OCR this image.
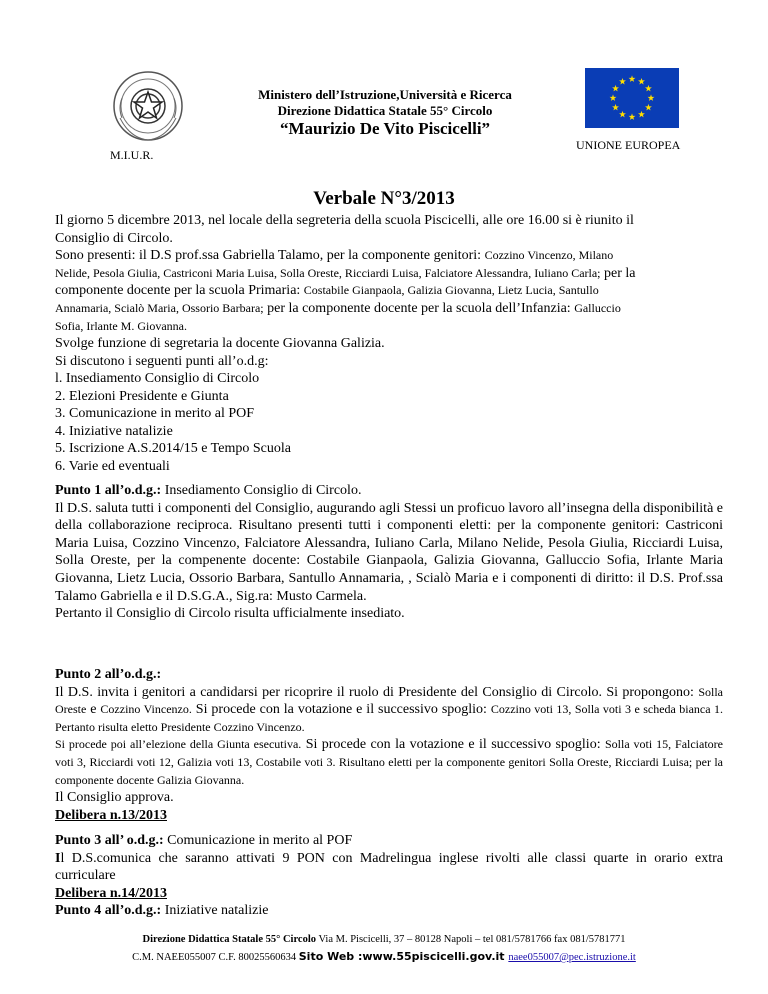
M.I.U.R.
UNIONE EUROPEA
Ministero dell’Istruzione,Università e Ricerca
Direzione Didattica Statale 55° Circolo
“Maurizio De Vito Piscicelli”
Verbale N°3/2013
Il giorno 5 dicembre 2013, nel locale della segreteria della scuola Piscicelli, alle ore 16.00 si è riunito il
Consiglio di Circolo.
Sono presenti: il D.S prof.ssa Gabriella Talamo, per la componente genitori: Cozzino Vincenzo, Milano
Nelide, Pesola Giulia, Castriconi Maria Luisa, Solla Oreste, Ricciardi Luisa, Falciatore Alessandra, Iuliano Carla; per la
componente docente per la scuola Primaria: Costabile Gianpaola, Galizia Giovanna, Lietz Lucia, Santullo
Annamaria, Scialò Maria, Ossorio Barbara; per la componente docente per la scuola dell’Infanzia: Galluccio
Sofia, Irlante M. Giovanna.
Svolge funzione di segretaria la docente Giovanna Galizia.
Si discutono i seguenti punti all’o.d.g:
l. Insediamento Consiglio di Circolo
2. Elezioni Presidente e Giunta
3. Comunicazione in merito al POF
4. Iniziative natalizie
5. Iscrizione A.S.2014/15 e Tempo Scuola
6. Varie ed eventuali
Punto 1 all’o.d.g.: Insediamento Consiglio di Circolo.
Il D.S. saluta tutti i componenti del Consiglio, augurando agli Stessi un proficuo lavoro all’insegna della disponibilità e della collaborazione reciproca. Risultano presenti tutti i componenti eletti: per la componente genitori: Castriconi Maria Luisa, Cozzino Vincenzo, Falciatore Alessandra, Iuliano Carla, Milano Nelide, Pesola Giulia, Ricciardi Luisa, Solla Oreste, per la compenente docente: Costabile Gianpaola, Galizia Giovanna, Galluccio Sofia, Irlante Maria Giovanna, Lietz Lucia, Ossorio Barbara, Santullo Annamaria, , Scialò Maria e i componenti di diritto: il D.S. Prof.ssa Talamo Gabriella e il D.S.G.A., Sig.ra: Musto Carmela.
Pertanto il Consiglio di Circolo risulta ufficialmente insediato.
Punto 2 all’o.d.g.:
Il D.S. invita i genitori a candidarsi per ricoprire il ruolo di Presidente del Consiglio di Circolo. Si propongono: Solla Oreste e Cozzino Vincenzo. Si procede con la votazione e il successivo spoglio: Cozzino voti 13, Solla voti 3 e scheda bianca 1. Pertanto risulta eletto Presidente Cozzino Vincenzo.
Si procede poi all’elezione della Giunta esecutiva. Si procede con la votazione e il successivo spoglio: Solla voti 15, Falciatore voti 3, Ricciardi voti 12, Galizia voti 13, Costabile voti 3. Risultano eletti per la componente genitori Solla Oreste, Ricciardi Luisa; per la componente docente Galizia Giovanna.
Il Consiglio approva.
Delibera n.13/2013
Punto 3 all’ o.d.g.: Comunicazione in merito al POF
Il D.S.comunica che saranno attivati 9 PON con Madrelingua inglese rivolti alle classi quarte in orario extra curriculare
Delibera n.14/2013
Punto 4 all’o.d.g.: Iniziative natalizie
Direzione Didattica Statale 55° Circolo Via M. Piscicelli, 37 – 80128 Napoli – tel 081/5781766 fax 081/5781771
C.M. NAEE055007 C.F. 80025560634 Sito Web :www.55piscicelli.gov.it naee055007@pec.istruzione.it
